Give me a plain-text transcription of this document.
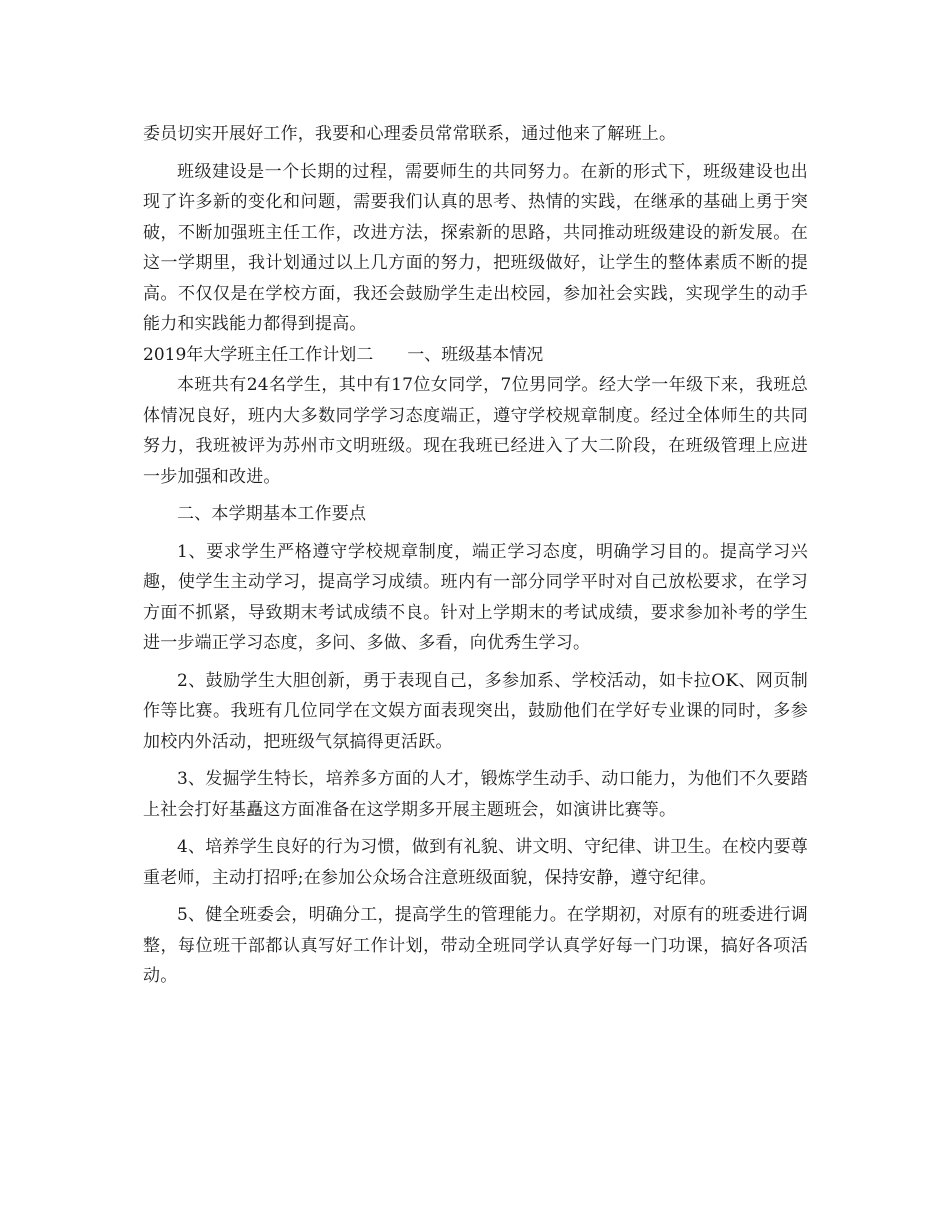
委员切实开展好工作，我要和心理委员常常联系，通过他来了解班上。

班级建设是一个长期的过程，需要师生的共同努力。在新的形式下，班级建设也出现了许多新的变化和问题，需要我们认真的思考、热情的实践，在继承的基础上勇于突破，不断加强班主任工作，改进方法，探索新的思路，共同推动班级建设的新发展。在这一学期里，我计划通过以上几方面的努力，把班级做好，让学生的整体素质不断的提高。不仅仅是在学校方面，我还会鼓励学生走出校园，参加社会实践，实现学生的动手能力和实践能力都得到提高。

2019年大学班主任工作计划二　　一、班级基本情况

本班共有24名学生，其中有17位女同学，7位男同学。经大学一年级下来，我班总体情况良好，班内大多数同学学习态度端正，遵守学校规章制度。经过全体师生的共同努力，我班被评为苏州市文明班级。现在我班已经进入了大二阶段，在班级管理上应进一步加强和改进。

二、本学期基本工作要点

1、要求学生严格遵守学校规章制度，端正学习态度，明确学习目的。提高学习兴趣，使学生主动学习，提高学习成绩。班内有一部分同学平时对自己放松要求，在学习方面不抓紧，导致期末考试成绩不良。针对上学期末的考试成绩，要求参加补考的学生进一步端正学习态度，多问、多做、多看，向优秀生学习。

2、鼓励学生大胆创新，勇于表现自己，多参加系、学校活动，如卡拉OK、网页制作等比赛。我班有几位同学在文娱方面表现突出，鼓励他们在学好专业课的同时，多参加校内外活动，把班级气氛搞得更活跃。

3、发掘学生特长，培养多方面的人才，锻炼学生动手、动口能力，为他们不久要踏上社会打好基矗这方面准备在这学期多开展主题班会，如演讲比赛等。

4、培养学生良好的行为习惯，做到有礼貌、讲文明、守纪律、讲卫生。在校内要尊重老师，主动打招呼;在参加公众场合注意班级面貌，保持安静，遵守纪律。

5、健全班委会，明确分工，提高学生的管理能力。在学期初，对原有的班委进行调整，每位班干部都认真写好工作计划，带动全班同学认真学好每一门功课，搞好各项活动。
